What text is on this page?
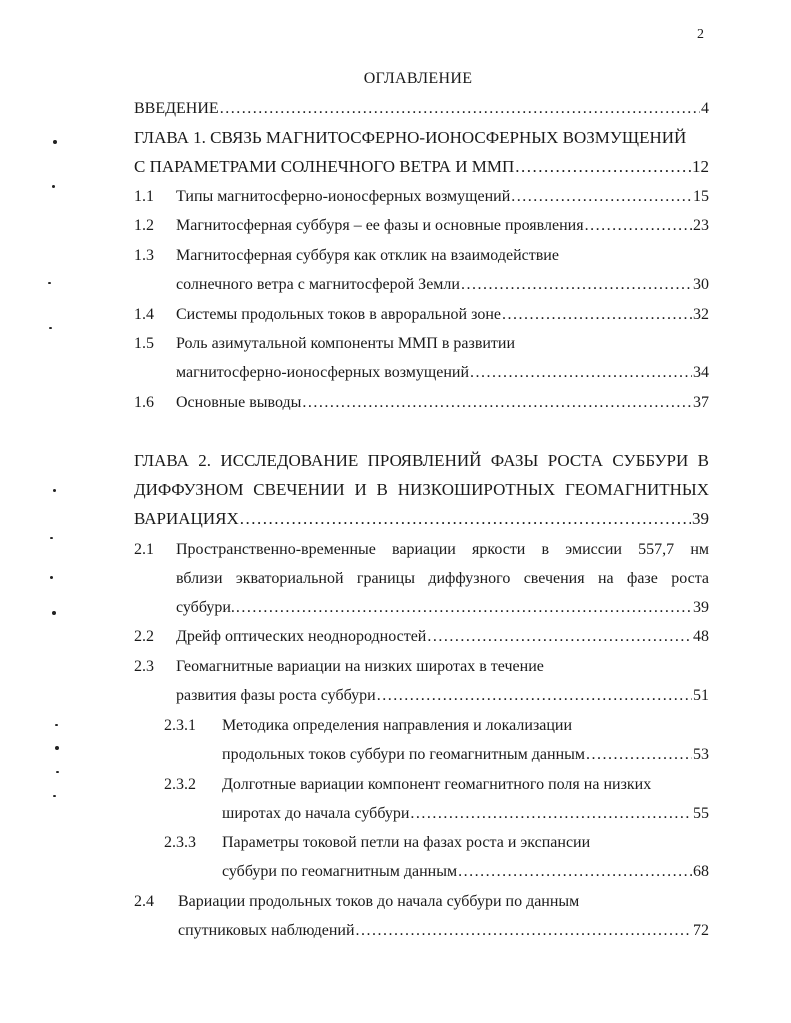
2
ОГЛАВЛЕНИЕ
ВВЕДЕНИЕ .....	4
ГЛАВА 1. СВЯЗЬ МАГНИТОСФЕРНО-ИОНОСФЕРНЫХ ВОЗМУЩЕНИЙ
С ПАРАМЕТРАМИ СОЛНЕЧНОГО ВЕТРА И ММП .....	12
1.1 Типы магнитосферно-ионосферных возмущений .....	15
1.2 Магнитосферная суббуря – ее фазы и основные проявления .....	23
1.3 Магнитосферная суббуря как отклик на взаимодействие
солнечного ветра с магнитосферой Земли .....	30
1.4 Системы продольных токов в авроральной зоне .....	32
1.5 Роль азимутальной компоненты ММП в развитии
магнитосферно-ионосферных возмущений .....	34
1.6 Основные выводы .....	37
ГЛАВА 2. ИССЛЕДОВАНИЕ ПРОЯВЛЕНИЙ ФАЗЫ РОСТА СУББУРИ В
ДИФФУЗНОМ СВЕЧЕНИИ И В НИЗКОШИРОТНЫХ ГЕОМАГНИТНЫХ
ВАРИАЦИЯХ .....	39
2.1 Пространственно-временные вариации яркости в эмиссии 557,7 нм
вблизи экваториальной границы диффузного свечения на фазе роста
суббури. .....	39
2.2 Дрейф оптических неоднородностей .....	48
2.3 Геомагнитные вариации на низких широтах в течение
развития фазы роста суббури .....	51
2.3.1 Методика определения направления и локализации
продольных токов суббури по геомагнитным данным .....	53
2.3.2 Долготные вариации компонент геомагнитного поля на низких
широтах до начала суббури .....	55
2.3.3 Параметры токовой петли на фазах роста и экспансии
суббури по геомагнитным данным .....	68
2.4 Вариации продольных токов до начала суббури по данным
спутниковых наблюдений .....	72
